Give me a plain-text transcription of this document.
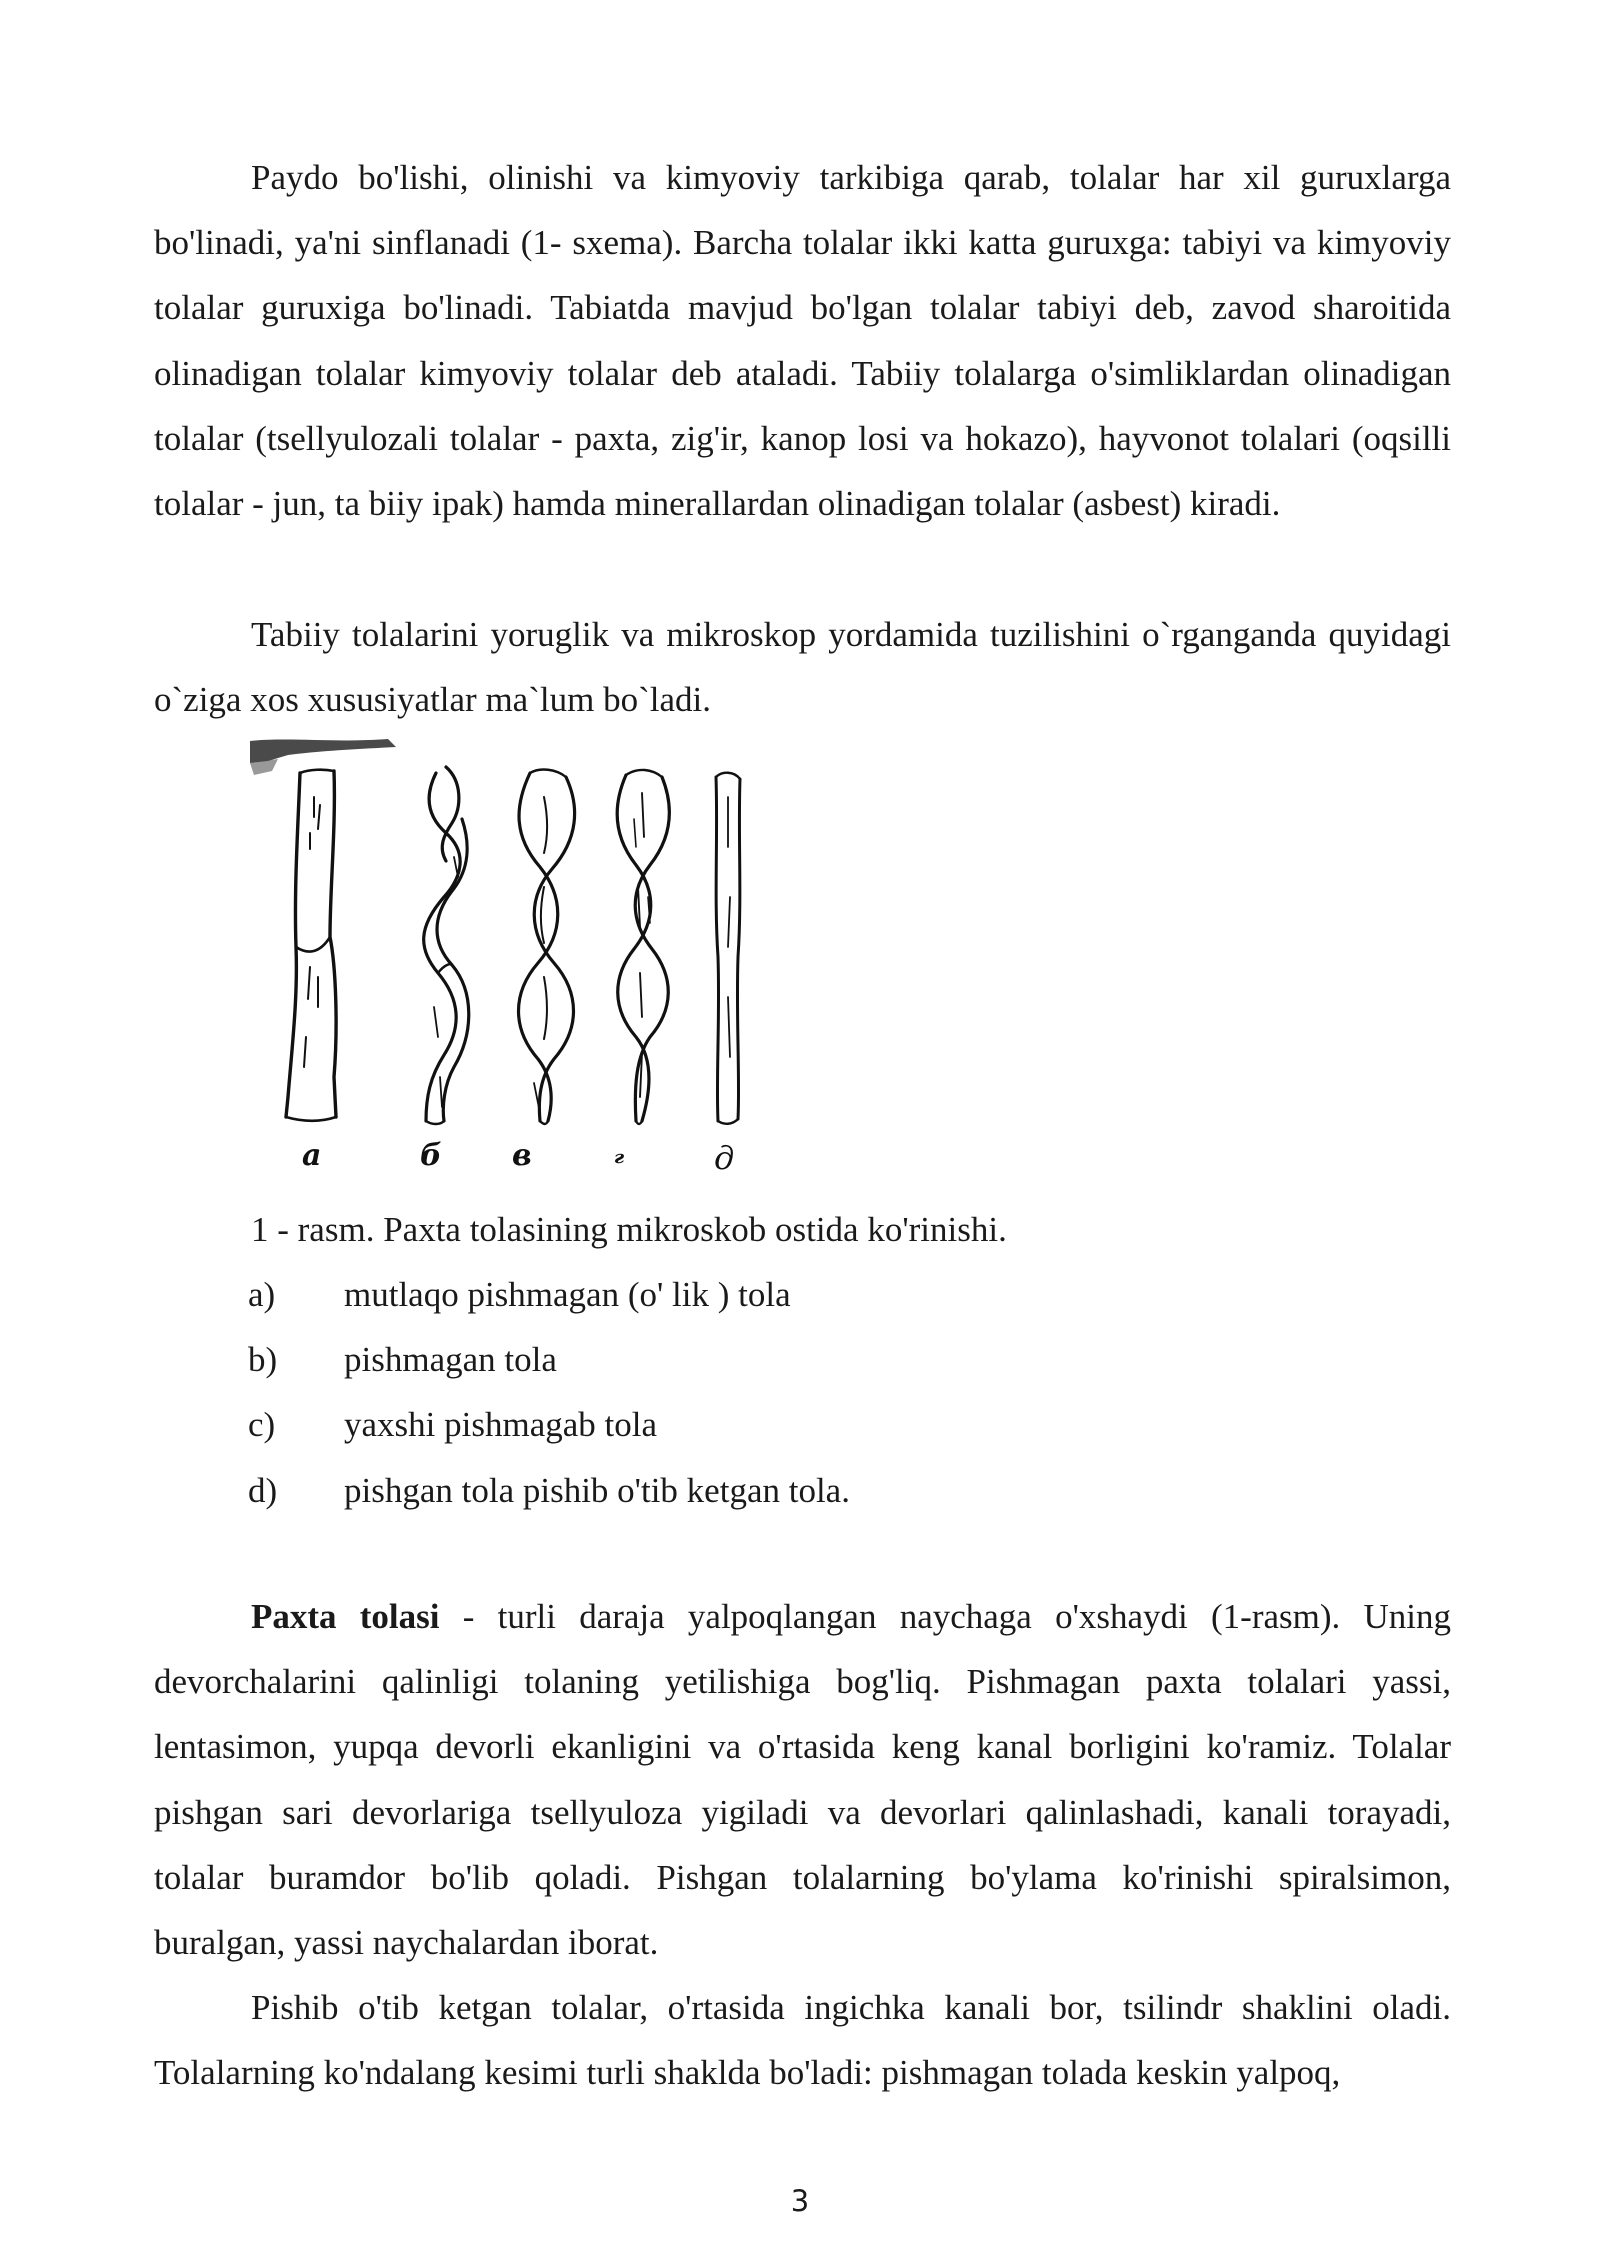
Paydo bo'lishi, olinishi va kimyoviy tarkibiga qarab, tolalar har xil guruxlarga bo'linadi, ya'ni sinflanadi (1- sxema). Barcha tolalar ikki katta guruxga: tabiyi va kimyoviy tolalar guruxiga bo'linadi. Tabiatda mavjud bo'lgan tolalar tabiyi deb, zavod sharoitida olinadigan tolalar kimyoviy tolalar deb ataladi. Tabiiy tolalarga o'simliklardan olinadigan tolalar (tsellyulozali tolalar - paxta, zig'ir, kanop losi va hokazo), hayvonot tolalari (oqsilli tolalar - jun, ta biiy ipak) hamda minerallardan olinadigan tolalar (asbest) kiradi.

Tabiiy tolalarini yoruglik va mikroskop yordamida tuzilishini o`rganganda quyidagi o`ziga xos xususiyatlar ma`lum bo`ladi.

а	б в	г	д
1 - rasm. Paxta tolasining mikroskob ostida ko'rinishi.
a) mutlaqo pishmagan (o' lik ) tola
b) pishmagan tola
c) yaxshi pishmagab tola
d) pishgan tola pishib o'tib ketgan tola.

Paxta tolasi - turli daraja yalpoqlangan naychaga o'xshaydi (1-rasm). Uning devorchalarini qalinligi tolaning yetilishiga bog'liq. Pishmagan paxta tolalari yassi, lentasimon, yupqa devorli ekanligini va o'rtasida keng kanal borligini ko'ramiz. Tolalar pishgan sari devorlariga tsellyuloza yigiladi va devorlari qalinlashadi, kanali torayadi, tolalar buramdor bo'lib qoladi. Pishgan tolalarning bo'ylama ko'rinishi spiralsimon, buralgan, yassi naychalardan iborat.

Pishib o'tib ketgan tolalar, o'rtasida ingichka kanali bor, tsilindr shaklini oladi. Tolalarning ko'ndalang kesimi turli shaklda bo'ladi: pishmagan tolada keskin yalpoq,

3
